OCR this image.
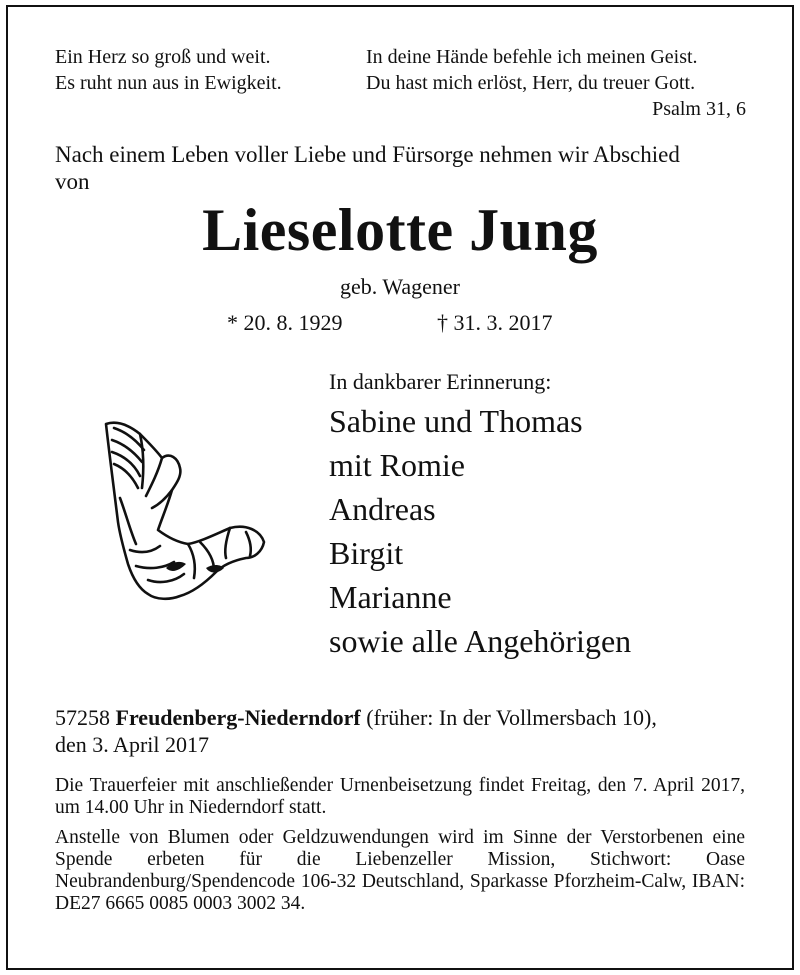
Ein Herz so groß und weit.
Es ruht nun aus in Ewigkeit.
In deine Hände befehle ich meinen Geist.
Du hast mich erlöst, Herr, du treuer Gott.
Psalm 31, 6
Nach einem Leben voller Liebe und Fürsorge nehmen wir Abschied
von
Lieselotte Jung
geb. Wagener
* 20. 8. 1929	† 31. 3. 2017
In dankbarer Erinnerung:
Sabine und Thomas
mit Romie
Andreas
Birgit
Marianne
sowie alle Angehörigen
57258 Freudenberg-Niederndorf (früher: In der Vollmersbach 10),
den 3. April 2017
Die Trauerfeier mit anschließender Urnenbeisetzung findet Freitag, den 7. April 2017, um 14.00 Uhr in Niederndorf statt.
Anstelle von Blumen oder Geldzuwendungen wird im Sinne der Verstorbenen eine Spende erbeten für die Liebenzeller Mission, Stichwort: Oase Neubrandenburg/Spendencode 106-32 Deutschland, Sparkasse Pforzheim-Calw, IBAN: DE27 6665 0085 0003 3002 34.
